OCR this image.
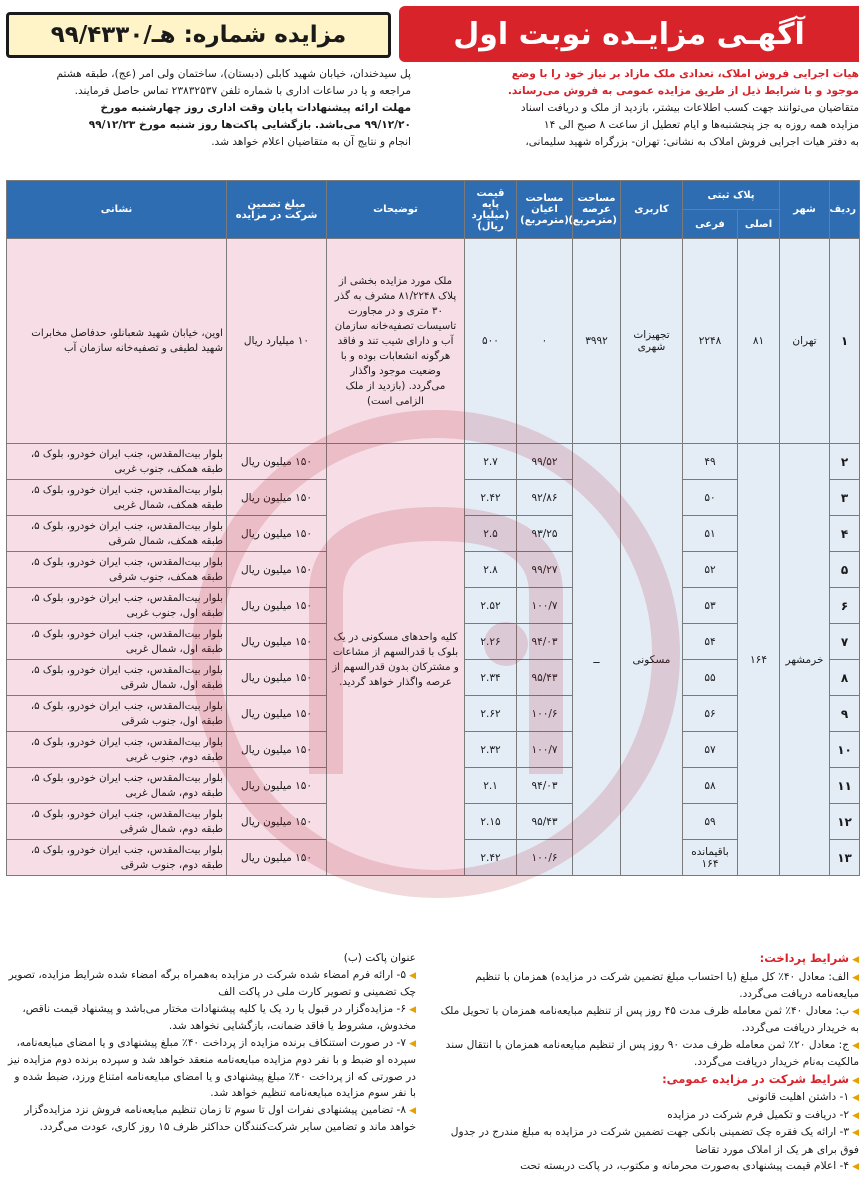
آگهـی مزایـده نوبت اول
مزایده شماره: هـ/۹۹/۴۳۳۰

هیات اجرایی فروش املاک، تعدادی ملک مازاد بر نیاز خود را با وضع

موجود و با شرایط ذیل از طریق مزایده عمومی به فروش می‌رساند.

متقاضیان می‌توانند جهت کسب اطلاعات بیشتر، بازدید از ملک و دریافت اسناد

مزایده همه روزه به جز پنجشنبه‌ها و ایام تعطیل از ساعت ۸ صبح الی ۱۴

به دفتر هیات اجرایی فروش املاک به نشانی: تهران- بزرگراه شهید سلیمانی،

پل سیدخندان، خیابان شهید کابلی (دبستان)، ساختمان ولی امر (عج)، طبقه هشتم

مراجعه و یا در ساعات اداری با شماره تلفن ۲۳۸۳۲۵۳۷ تماس حاصل فرمایند.

مهلت ارائه پیشنهادات پایان وقت اداری روز چهارشنبه مورخ

۹۹/۱۲/۲۰ می‌باشد. بازگشایی پاکت‌ها روز شنبه مورخ ۹۹/۱۲/۲۳

انجام و نتایج آن به متقاضیان اعلام خواهد شد.

ردیف	شهر	پلاک ثبتی		کاربری	مساحت عرصه (مترمربع)	مساحت اعیان (مترمربع)	قیمت پایه (میلیارد ریال)	توضیحات	مبلغ تضمین شرکت در مزایده	نشانی
		اصلی	فرعی							
۱	تهران	۸۱	۲۲۴۸	تجهیزات شهری	۳۹۹۲	۰	۵۰۰	ملک مورد مزایده بخشی از پلاک ۸۱/۲۲۴۸ مشرف به گذر ۳۰ متری و در مجاورت تاسیسات تصفیه‌خانه سازمان آب و دارای شیب تند و فاقد هرگونه انشعابات بوده و با وضعیت موجود واگذار می‌گردد. (بازدید از ملک الزامی است)	۱۰ میلیارد ریال	اوین، خیابان شهید شعبانلو، حدفاصل مخابرات شهید لطیفی و تصفیه‌خانه سازمان آب
۲	خرمشهر	۱۶۴	۴۹	مسکونی	ــ	۹۹/۵۲	۲.۷	کلیه واحدهای مسکونی در یک بلوک با قدرالسهم از مشاعات و مشترکان بدون قدرالسهم از عرصه واگذار خواهد گردید.	۱۵۰ میلیون ریال	بلوار بیت‌المقدس، جنب ایران خودرو، بلوک ۵، طبقه همکف، جنوب غربی
۳			۵۰			۹۲/۸۶	۲.۴۲		۱۵۰ میلیون ریال	بلوار بیت‌المقدس، جنب ایران خودرو، بلوک ۵، طبقه همکف، شمال غربی
۴			۵۱			۹۳/۲۵	۲.۵		۱۵۰ میلیون ریال	بلوار بیت‌المقدس، جنب ایران خودرو، بلوک ۵، طبقه همکف، شمال شرقی
۵			۵۲			۹۹/۲۷	۲.۸		۱۵۰ میلیون ریال	بلوار بیت‌المقدس، جنب ایران خودرو، بلوک ۵، طبقه همکف، جنوب شرقی
۶			۵۳			۱۰۰/۷	۲.۵۲		۱۵۰ میلیون ریال	بلوار بیت‌المقدس، جنب ایران خودرو، بلوک ۵، طبقه اول، جنوب غربی
۷			۵۴			۹۴/۰۳	۲.۲۶		۱۵۰ میلیون ریال	بلوار بیت‌المقدس، جنب ایران خودرو، بلوک ۵، طبقه اول، شمال غربی
۸			۵۵			۹۵/۴۳	۲.۳۴		۱۵۰ میلیون ریال	بلوار بیت‌المقدس، جنب ایران خودرو، بلوک ۵، طبقه اول، شمال شرقی
۹			۵۶			۱۰۰/۶	۲.۶۲		۱۵۰ میلیون ریال	بلوار بیت‌المقدس، جنب ایران خودرو، بلوک ۵، طبقه اول، جنوب شرقی
۱۰			۵۷			۱۰۰/۷	۲.۳۲		۱۵۰ میلیون ریال	بلوار بیت‌المقدس، جنب ایران خودرو، بلوک ۵، طبقه دوم، جنوب غربی
۱۱			۵۸			۹۴/۰۳	۲.۱		۱۵۰ میلیون ریال	بلوار بیت‌المقدس، جنب ایران خودرو، بلوک ۵، طبقه دوم، شمال غربی
۱۲			۵۹			۹۵/۴۳	۲.۱۵		۱۵۰ میلیون ریال	بلوار بیت‌المقدس، جنب ایران خودرو، بلوک ۵، طبقه دوم، شمال شرقی
۱۳			باقیمانده ۱۶۴			۱۰۰/۶	۲.۴۲		۱۵۰ میلیون ریال	بلوار بیت‌المقدس، جنب ایران خودرو، بلوک ۵، طبقه دوم، جنوب شرقی
◀شرایط پرداخت:

◀الف: معادل ۴۰٪ کل مبلغ (با احتساب مبلغ تضمین شرکت در مزایده) همزمان با تنظیم مبایعه‌نامه دریافت می‌گردد.

◀ب: معادل ۴۰٪ ثمن معامله ظرف مدت ۴۵ روز پس از تنظیم مبایعه‌نامه همزمان با تحویل ملک به خریدار دریافت می‌گردد.

◀ج: معادل ۲۰٪ ثمن معامله ظرف مدت ۹۰ روز پس از تنظیم مبایعه‌نامه همزمان با انتقال سند مالکیت به‌نام خریدار دریافت می‌گردد.

◀شرایط شرکت در مزایده عمومی:

◀۱- داشتن اهلیت قانونی

◀۲- دریافت و تکمیل فرم شرکت در مزایده

◀۳- ارائه یک فقره چک تضمینی بانکی جهت تضمین شرکت در مزایده به مبلغ مندرج در جدول فوق برای هر یک از املاک مورد تقاضا

◀۴- اعلام قیمت پیشنهادی به‌صورت محرمانه و مکتوب، در پاکت دربسته تحت

عنوان پاکت (ب)

◀۵- ارائه فرم امضاء شده شرکت در مزایده به‌همراه برگه امضاء شده شرایط مزایده، تصویر چک تضمینی و تصویر کارت ملی در پاکت الف

◀۶- مزایده‌گزار در قبول یا رد یک یا کلیه پیشنهادات مختار می‌باشد و پیشنهاد قیمت ناقص، مخدوش، مشروط یا فاقد ضمانت، بازگشایی نخواهد شد.

◀۷- در صورت استنکاف برنده مزایده از پرداخت ۴۰٪ مبلغ پیشنهادی و یا امضای مبایعه‌نامه، سپرده او ضبط و با نفر دوم مزایده مبایعه‌نامه منعقد خواهد شد و سپرده برنده دوم مزایده نیز در صورتی که از پرداخت ۴۰٪ مبلغ پیشنهادی و یا امضای مبایعه‌نامه امتناع ورزد، ضبط شده و با نفر سوم مزایده مبایعه‌نامه تنظیم خواهد شد.

◀۸- تضامین پیشنهادی نفرات اول تا سوم تا زمان تنظیم مبایعه‌نامه فروش نزد مزایده‌گزار خواهد ماند و تضامین سایر شرکت‌کنندگان حداکثر ظرف ۱۵ روز کاری، عودت می‌گردد.
